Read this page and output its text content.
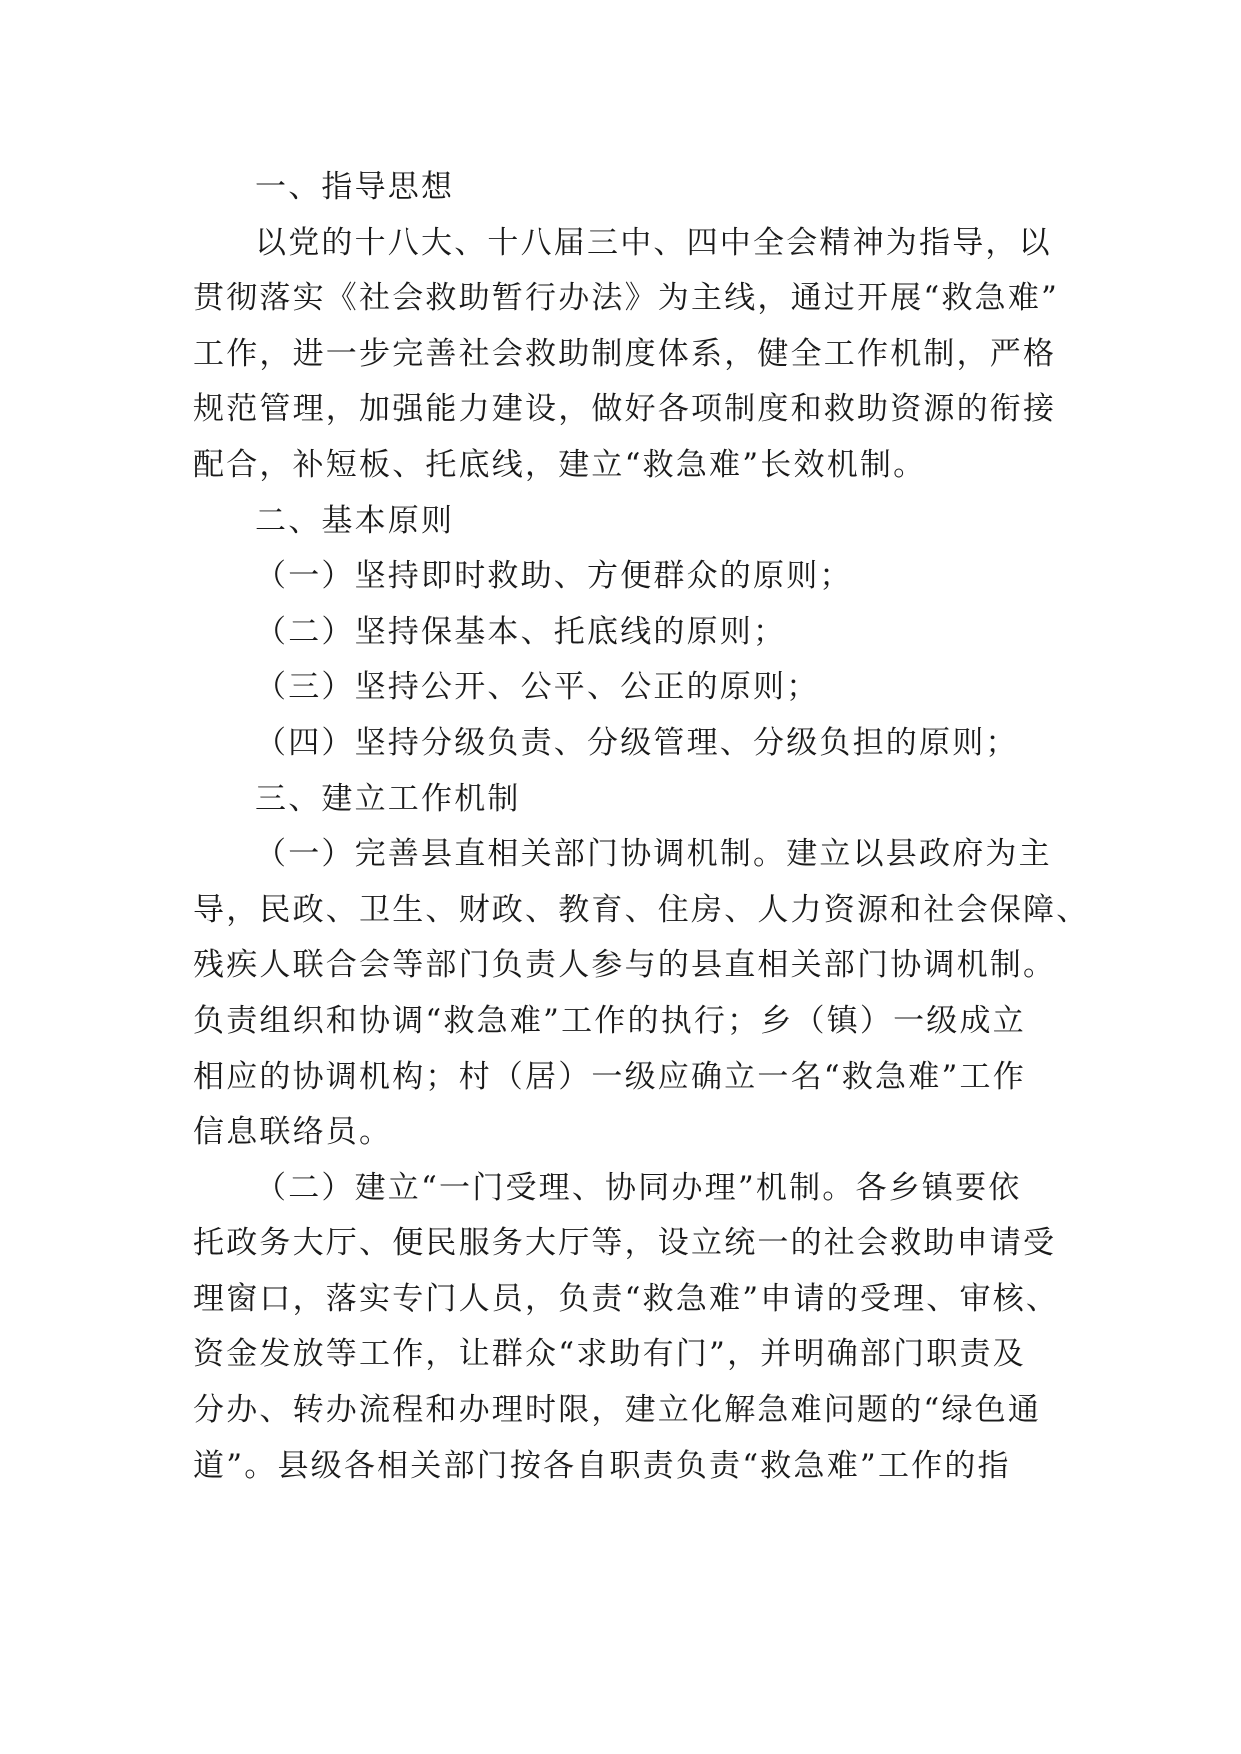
一、指导思想
以党的十八大、十八届三中、四中全会精神为指导，以
贯彻落实《社会救助暂行办法》为主线，通过开展“救急难”
工作，进一步完善社会救助制度体系，健全工作机制，严格
规范管理，加强能力建设，做好各项制度和救助资源的衔接
配合，补短板、托底线，建立“救急难”长效机制。
二、基本原则
（一）坚持即时救助、方便群众的原则；
（二）坚持保基本、托底线的原则；
（三）坚持公开、公平、公正的原则；
（四）坚持分级负责、分级管理、分级负担的原则；
三、建立工作机制
（一）完善县直相关部门协调机制。建立以县政府为主
导，民政、卫生、财政、教育、住房、人力资源和社会保障、
残疾人联合会等部门负责人参与的县直相关部门协调机制。
负责组织和协调“救急难”工作的执行；乡（镇）一级成立
相应的协调机构；村（居）一级应确立一名“救急难”工作
信息联络员。
（二）建立“一门受理、协同办理”机制。各乡镇要依
托政务大厅、便民服务大厅等，设立统一的社会救助申请受
理窗口，落实专门人员，负责“救急难”申请的受理、审核、
资金发放等工作，让群众“求助有门”，并明确部门职责及
分办、转办流程和办理时限，建立化解急难问题的“绿色通
道”。县级各相关部门按各自职责负责“救急难”工作的指
